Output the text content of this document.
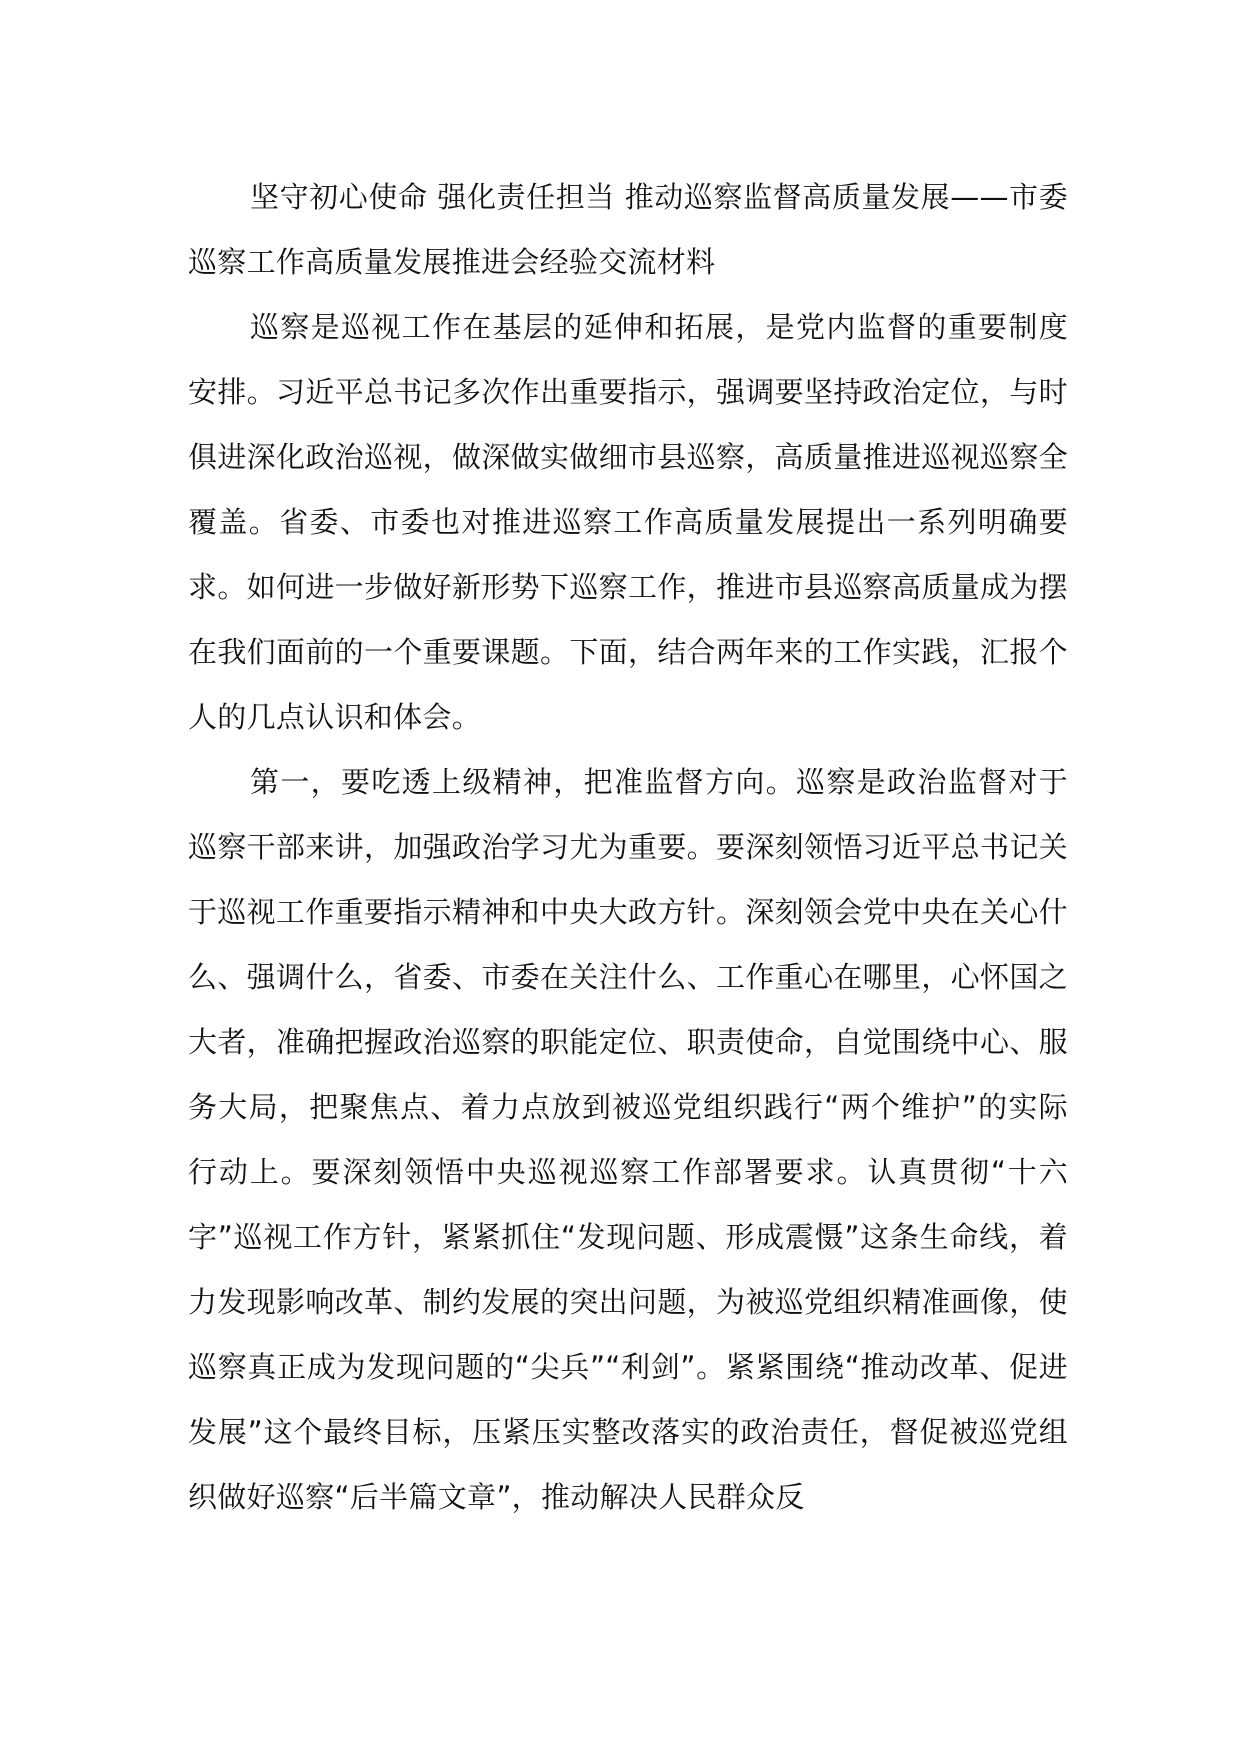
坚守初心使命 强化责任担当 推动巡察监督高质量发展——市委巡察工作高质量发展推进会经验交流材料

巡察是巡视工作在基层的延伸和拓展，是党内监督的重要制度安排。习近平总书记多次作出重要指示，强调要坚持政治定位，与时俱进深化政治巡视，做深做实做细市县巡察，高质量推进巡视巡察全覆盖。省委、市委也对推进巡察工作高质量发展提出一系列明确要求。如何进一步做好新形势下巡察工作，推进市县巡察高质量成为摆在我们面前的一个重要课题。下面，结合两年来的工作实践，汇报个人的几点认识和体会。

第一，要吃透上级精神，把准监督方向。巡察是政治监督对于巡察干部来讲，加强政治学习尤为重要。要深刻领悟习近平总书记关于巡视工作重要指示精神和中央大政方针。深刻领会党中央在关心什么、强调什么，省委、市委在关注什么、工作重心在哪里，心怀国之大者，准确把握政治巡察的职能定位、职责使命，自觉围绕中心、服务大局，把聚焦点、着力点放到被巡党组织践行“两个维护”的实际行动上。要深刻领悟中央巡视巡察工作部署要求。认真贯彻“十六字”巡视工作方针，紧紧抓住“发现问题、形成震慑”这条生命线，着力发现影响改革、制约发展的突出问题，为被巡党组织精准画像，使巡察真正成为发现问题的“尖兵”“利剑”。紧紧围绕“推动改革、促进发展”这个最终目标，压紧压实整改落实的政治责任，督促被巡党组织做好巡察“后半篇文章”，推动解决人民群众反
